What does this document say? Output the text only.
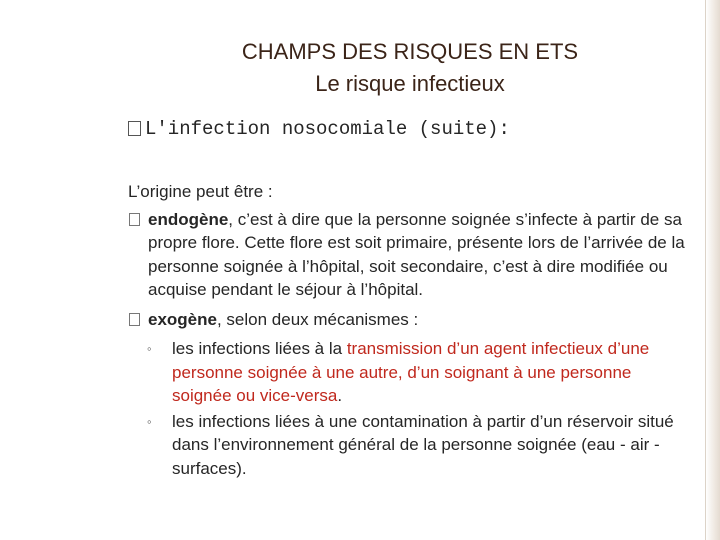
CHAMPS DES RISQUES EN ETS
Le risque infectieux
L'infection nosocomiale (suite):
L’origine peut être :
endogène, c’est à dire que la personne soignée s’infecte à partir de sa propre flore. Cette flore est soit primaire, présente lors de l’arrivée de la personne soignée à l’hôpital, soit secondaire, c’est à dire modifiée ou acquise pendant le séjour à l’hôpital.
exogène, selon deux mécanismes :
◦ les infections liées à la transmission d’un agent infectieux d’une personne soignée à une autre, d’un soignant à une personne soignée ou vice-versa.
◦ les infections liées à une contamination à partir d’un réservoir situé dans l’environnement général de la personne soignée (eau - air - surfaces).
